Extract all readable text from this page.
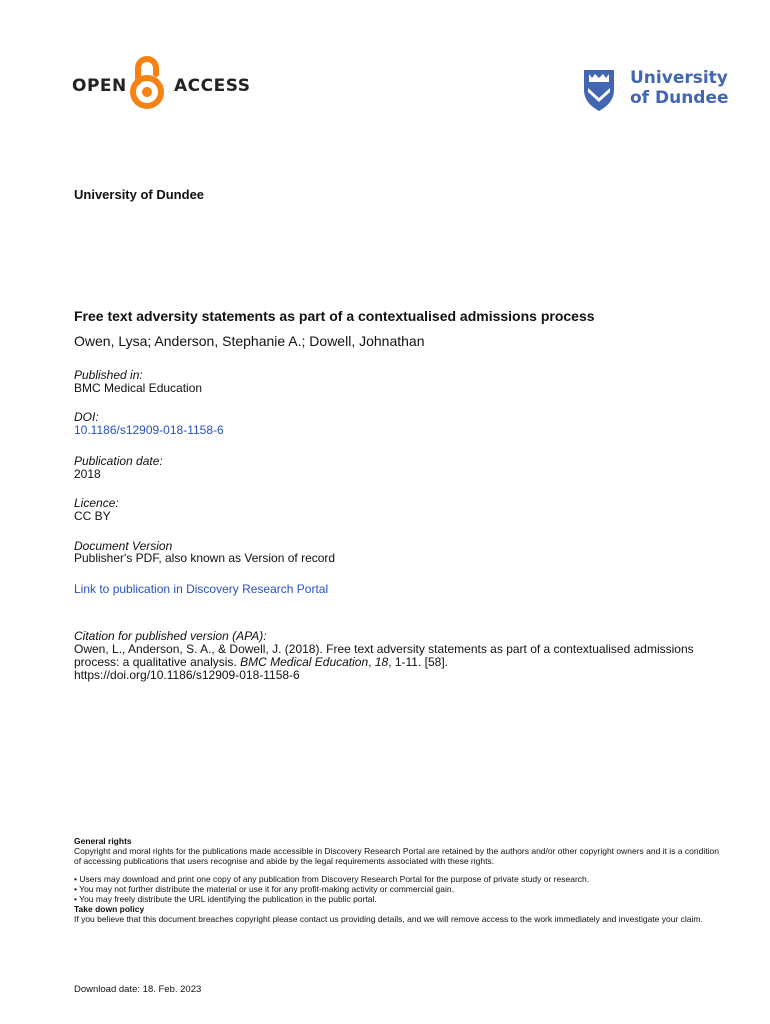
OPEN	ACCESS	University
of Dundee
University of Dundee
Free text adversity statements as part of a contextualised admissions process
Owen, Lysa; Anderson, Stephanie A.; Dowell, Johnathan
Published in:
BMC Medical Education
DOI:
10.1186/s12909-018-1158-6
Publication date:
2018
Licence:
CC BY
Document Version
Publisher's PDF, also known as Version of record
Link to publication in Discovery Research Portal
Citation for published version (APA):
Owen, L., Anderson, S. A., & Dowell, J. (2018). Free text adversity statements as part of a contextualised admissions process: a qualitative analysis. BMC Medical Education, 18, 1-11. [58].
https://doi.org/10.1186/s12909-018-1158-6
General rights
Copyright and moral rights for the publications made accessible in Discovery Research Portal are retained by the authors and/or other copyright owners and it is a condition of accessing publications that users recognise and abide by the legal requirements associated with these rights.
• Users may download and print one copy of any publication from Discovery Research Portal for the purpose of private study or research.
• You may not further distribute the material or use it for any profit-making activity or commercial gain.
• You may freely distribute the URL identifying the publication in the public portal.
Take down policy
If you believe that this document breaches copyright please contact us providing details, and we will remove access to the work immediately and investigate your claim.
Download date: 18. Feb. 2023
